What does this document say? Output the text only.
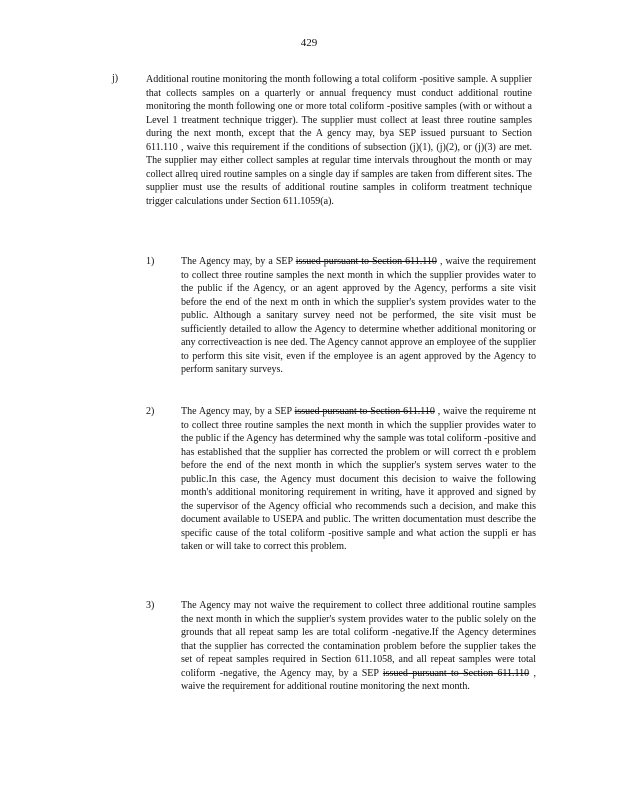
429
j)	Additional routine monitoring the month following a total coliform -positive sample. A supplier that collects samples on a quarterly or annual frequency must conduct additional routine monitoring the month following one or more total coliform -positive samples (with or without a Level 1 treatment technique trigger). The supplier must collect at least three routine samples during the next month, except that the A gency may, bya SEP issued pursuant to Section 611.110 , waive this requirement if the conditions of subsection (j)(1), (j)(2), or (j)(3) are met. The supplier may either collect samples at regular time intervals throughout the month or may collect allreq uired routine samples on a single day if samples are taken from different sites. The supplier must use the results of additional routine samples in coliform treatment technique trigger calculations under Section 611.1059(a).
1)	The Agency may, by a SEP issued pursuant to Section 611.110 , waive the requirement to collect three routine samples the next month in which the supplier provides water to the public if the Agency, or an agent approved by the Agency, performs a site visit before the end of the next m onth in which the supplier's system provides water to the public. Although a sanitary survey need not be performed, the site visit must be sufficiently detailed to allow the Agency to determine whether additional monitoring or any correctiveaction is nee ded. The Agency cannot approve an employee of the supplier to perform this site visit, even if the employee is an agent approved by the Agency to perform sanitary surveys.
2)	The Agency may, by a SEP issued pursuant to Section 611.110 , waive the requireme nt to collect three routine samples the next month in which the supplier provides water to the public if the Agency has determined why the sample was total coliform -positive and has established that the supplier has corrected the problem or will correct th e problem before the end of the next month in which the supplier's system serves water to the public.In this case, the Agency must document this decision to waive the following month's additional monitoring requirement in writing, have it approved and signed by the supervisor of the Agency official who recommends such a decision, and make this document available to USEPA and public. The written documentation must describe the specific cause of the total coliform -positive sample and what action the suppli er has taken or will take to correct this problem.
3)	The Agency may not waive the requirement to collect three additional routine samples the next month in which the supplier's system provides water to the public solely on the grounds that all repeat samp les are total coliform -negative.If the Agency determines that the supplier has corrected the contamination problem before the supplier takes the set of repeat samples required in Section 611.1058, and all repeat samples were total coliform -negative, the Agency may, by a SEP issued pursuant to Section 611.110 , waive the requirement for additional routine monitoring the next month.
